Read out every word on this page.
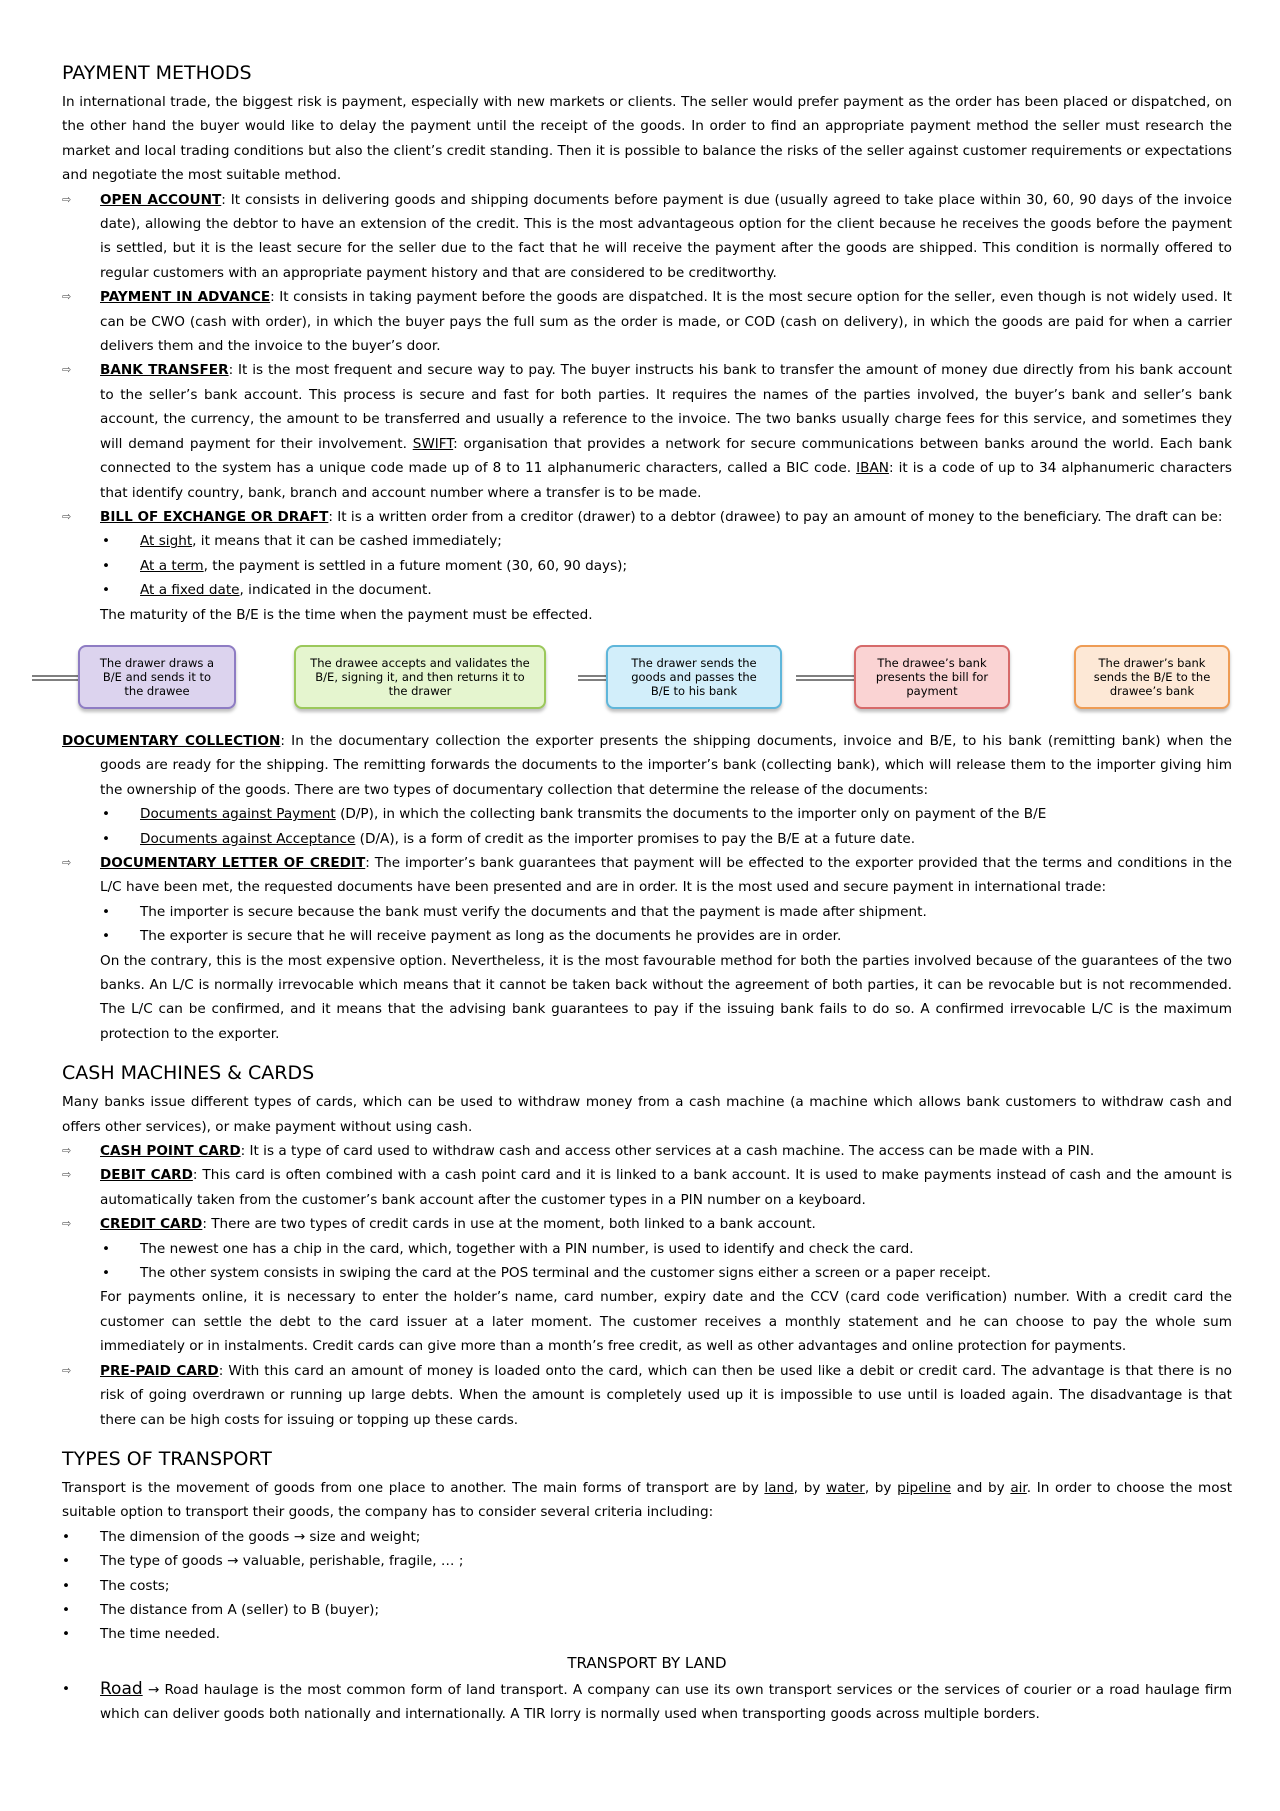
PAYMENT METHODS

In international trade, the biggest risk is payment, especially with new markets or clients. The seller would prefer payment as the order has been placed or dispatched, on the other hand the buyer would like to delay the payment until the receipt of the goods. In order to find an appropriate payment method the seller must research the market and local trading conditions but also the client’s credit standing. Then it is possible to balance the risks of the seller against customer requirements or expectations and negotiate the most suitable method.

⇨ OPEN ACCOUNT: It consists in delivering goods and shipping documents before payment is due (usually agreed to take place within 30, 60, 90 days of the invoice date), allowing the debtor to have an extension of the credit. This is the most advantageous option for the client because he receives the goods before the payment is settled, but it is the least secure for the seller due to the fact that he will receive the payment after the goods are shipped. This condition is normally offered to regular customers with an appropriate payment history and that are considered to be creditworthy.
⇨ PAYMENT IN ADVANCE: It consists in taking payment before the goods are dispatched. It is the most secure option for the seller, even though is not widely used. It can be CWO (cash with order), in which the buyer pays the full sum as the order is made, or COD (cash on delivery), in which the goods are paid for when a carrier delivers them and the invoice to the buyer’s door.
⇨ BANK TRANSFER: It is the most frequent and secure way to pay. The buyer instructs his bank to transfer the amount of money due directly from his bank account to the seller’s bank account. This process is secure and fast for both parties. It requires the names of the parties involved, the buyer’s bank and seller’s bank account, the currency, the amount to be transferred and usually a reference to the invoice. The two banks usually charge fees for this service, and sometimes they will demand payment for their involvement. SWIFT: organisation that provides a network for secure communications between banks around the world. Each bank connected to the system has a unique code made up of 8 to 11 alphanumeric characters, called a BIC code. IBAN: it is a code of up to 34 alphanumeric characters that identify country, bank, branch and account number where a transfer is to be made.
⇨ BILL OF EXCHANGE OR DRAFT: It is a written order from a creditor (drawer) to a debtor (drawee) to pay an amount of money to the beneficiary. The draft can be:
• At sight, it means that it can be cashed immediately;
• At a term, the payment is settled in a future moment (30, 60, 90 days);
• At a fixed date, indicated in the document.
The maturity of the B/E is the time when the payment must be effected.
The drawer draws a B/E and sends it to the drawee
The drawee accepts and validates the B/E, signing it, and then returns it to the drawer
The drawer sends the goods and passes the B/E to his bank
The drawee’s bank presents the bill for payment
The drawer’s bank sends the B/E to the drawee’s bank
DOCUMENTARY COLLECTION: In the documentary collection the exporter presents the shipping documents, invoice and B/E, to his bank (remitting bank) when the goods are ready for the shipping. The remitting forwards the documents to the importer’s bank (collecting bank), which will release them to the importer giving him the ownership of the goods. There are two types of documentary collection that determine the release of the documents:
• Documents against Payment (D/P), in which the collecting bank transmits the documents to the importer only on payment of the B/E
• Documents against Acceptance (D/A), is a form of credit as the importer promises to pay the B/E at a future date.
⇨ DOCUMENTARY LETTER OF CREDIT: The importer’s bank guarantees that payment will be effected to the exporter provided that the terms and conditions in the L/C have been met, the requested documents have been presented and are in order. It is the most used and secure payment in international trade:
• The importer is secure because the bank must verify the documents and that the payment is made after shipment.
• The exporter is secure that he will receive payment as long as the documents he provides are in order.
On the contrary, this is the most expensive option. Nevertheless, it is the most favourable method for both the parties involved because of the guarantees of the two banks. An L/C is normally irrevocable which means that it cannot be taken back without the agreement of both parties, it can be revocable but is not recommended. The L/C can be confirmed, and it means that the advising bank guarantees to pay if the issuing bank fails to do so. A confirmed irrevocable L/C is the maximum protection to the exporter.
CASH MACHINES & CARDS

Many banks issue different types of cards, which can be used to withdraw money from a cash machine (a machine which allows bank customers to withdraw cash and offers other services), or make payment without using cash.

⇨ CASH POINT CARD: It is a type of card used to withdraw cash and access other services at a cash machine. The access can be made with a PIN.
⇨ DEBIT CARD: This card is often combined with a cash point card and it is linked to a bank account. It is used to make payments instead of cash and the amount is automatically taken from the customer’s bank account after the customer types in a PIN number on a keyboard.
⇨ CREDIT CARD: There are two types of credit cards in use at the moment, both linked to a bank account.
• The newest one has a chip in the card, which, together with a PIN number, is used to identify and check the card.
• The other system consists in swiping the card at the POS terminal and the customer signs either a screen or a paper receipt.
For payments online, it is necessary to enter the holder’s name, card number, expiry date and the CCV (card code verification) number. With a credit card the customer can settle the debt to the card issuer at a later moment. The customer receives a monthly statement and he can choose to pay the whole sum immediately or in instalments. Credit cards can give more than a month’s free credit, as well as other advantages and online protection for payments.
⇨ PRE-PAID CARD: With this card an amount of money is loaded onto the card, which can then be used like a debit or credit card. The advantage is that there is no risk of going overdrawn or running up large debts. When the amount is completely used up it is impossible to use until is loaded again. The disadvantage is that there can be high costs for issuing or topping up these cards.
TYPES OF TRANSPORT

Transport is the movement of goods from one place to another. The main forms of transport are by land, by water, by pipeline and by air. In order to choose the most suitable option to transport their goods, the company has to consider several criteria including:

• The dimension of the goods → size and weight;
• The type of goods → valuable, perishable, fragile, … ;
• The costs;
• The distance from A (seller) to B (buyer);
• The time needed.
TRANSPORT BY LAND
• Road → Road haulage is the most common form of land transport. A company can use its own transport services or the services of courier or a road haulage firm which can deliver goods both nationally and internationally. A TIR lorry is normally used when transporting goods across multiple borders.
